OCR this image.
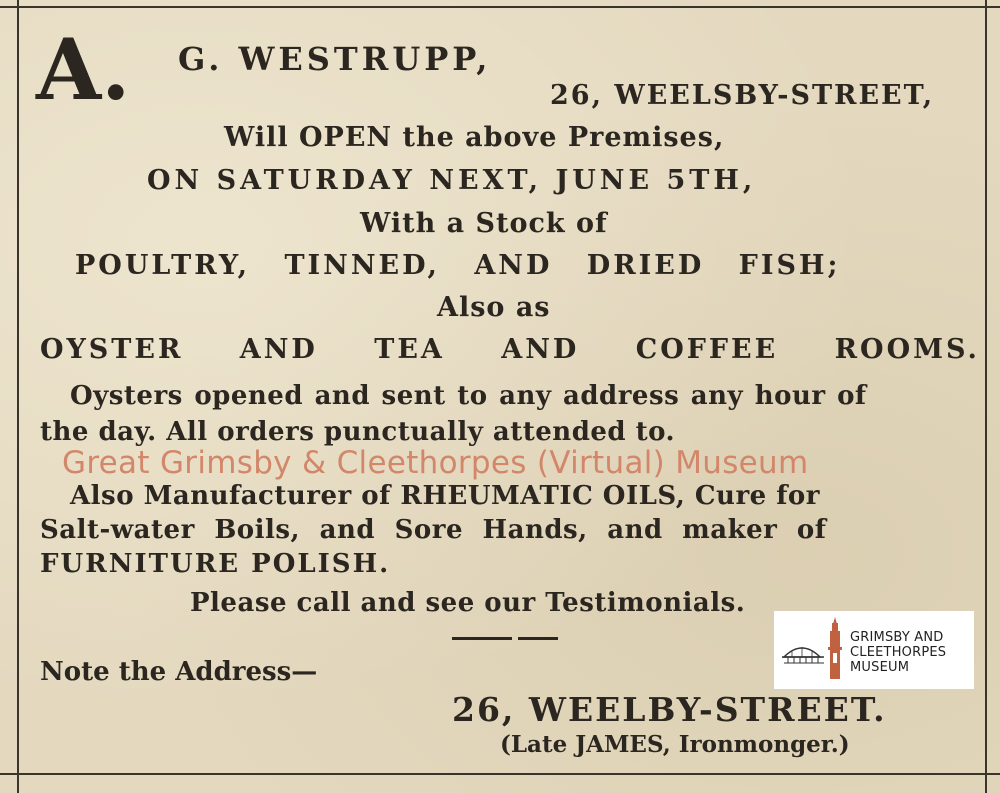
A. G. WESTRUPP,
26, WEELSBY-STREET,
Will OPEN the above Premises,
ON SATURDAY NEXT, JUNE 5TH,
With a Stock of
POULTRY, TINNED, AND DRIED FISH;
Also as
OYSTER AND TEA AND COFFEE ROOMS.
Oysters opened and sent to any address any hour of
the day. All orders punctually attended to.
Great Grimsby & Cleethorpes (Virtual) Museum
Also Manufacturer of RHEUMATIC OILS, Cure for
Salt-water Boils, and Sore Hands, and maker of
FURNITURE POLISH.
Please call and see our Testimonials.
Note the Address—
26, WEELBY-STREET.
(Late JAMES, Ironmonger.)
GRIMSBY AND
CLEETHORPES
MUSEUM
